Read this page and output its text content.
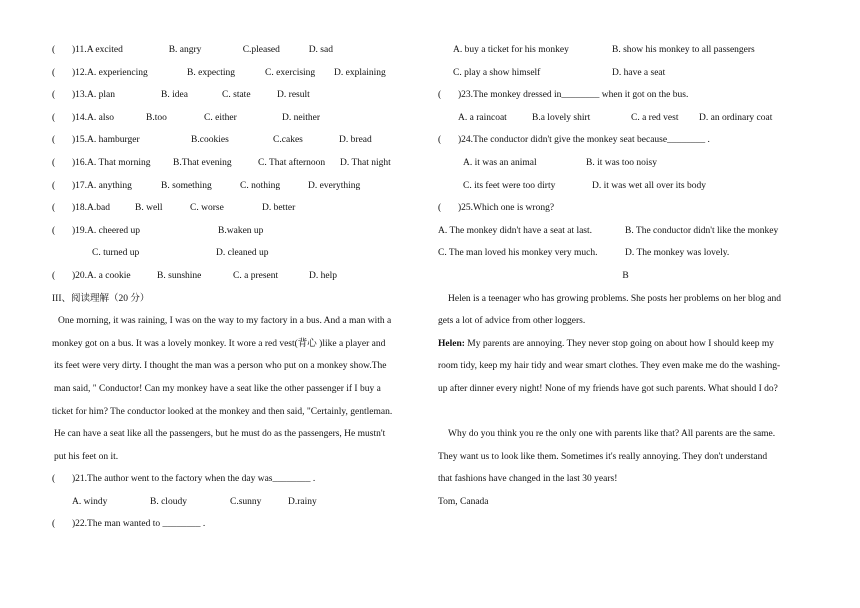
(	)11. A excited	B. angry	C.pleased	D. sad
(	)12. A. experiencing	B. expecting	C. exercising D. explaining
(	)13. A. plan	B. idea	C. state	D. result
(	)14. A. also	B.too	C. either	D. neither
(	)15. A. hamburger	B.cookies	C.cakes	D. bread
(	)16. A. That morning B.That evening	C. That afternoon D. That night
(	)17. A. anything	B. something	C. nothing	D. everything
(	)18. A.bad	B. well	C. worse	D. better
(	)19. A. cheered up	B.waken up
C. turned up	D. cleaned up
(	)20. A. a cookie	B. sunshine	C. a present	D. help
III、阅读理解（20 分）
One morning, it was raining, I was on the way to my factory in a bus. And a man with a
monkey got on a bus. It was a lovely monkey. It wore a red vest(背心 )like a player and
its feet were very dirty. I thought the man was a person who put on a monkey show.The
man said, " Conductor! Can my monkey have a seat like the other passenger if I buy a
ticket for him? The conductor looked at the monkey and then said, "Certainly, gentleman.
He can have a seat like all the passengers, but he must do as the passengers, He mustn't
put his feet on it.
(	)21. The author went to the factory when the day was________ .
A. windy	B. cloudy	C.sunny	D.rainy
(	)22. The man wanted to ________ .
A. buy a ticket for his monkey	B. show his monkey to all passengers
C. play a show himself	D. have a seat
(	)23. The monkey dressed in________ when it got on the bus.
A. a raincoat	B.a lovely shirt	C. a red vest D. an ordinary coat
(	)24. The conductor didn't give the monkey seat because________ .
A. it was an animal	B. it was too noisy
C. its feet were too dirty	D. it was wet all over its body
(	)25. Which one is wrong?
A. The monkey didn't have a seat at last.	B. The conductor didn't like the monkey
C. The man loved his monkey very much.	D. The monkey was lovely.
B
Helen is a teenager who has growing problems. She posts her problems on her blog and
gets a lot of advice from other loggers.
Helen: My parents are annoying. They never stop going on about how I should keep my
room tidy, keep my hair tidy and wear smart clothes. They even make me do the washing-
up after dinner every night! None of my friends have got such parents. What should I do?
Why do you think you re the only one with parents like that? All parents are the same.
They want us to look like them. Sometimes it's really annoying. They don't understand
that fashions have changed in the last 30 years!
Tom, Canada
